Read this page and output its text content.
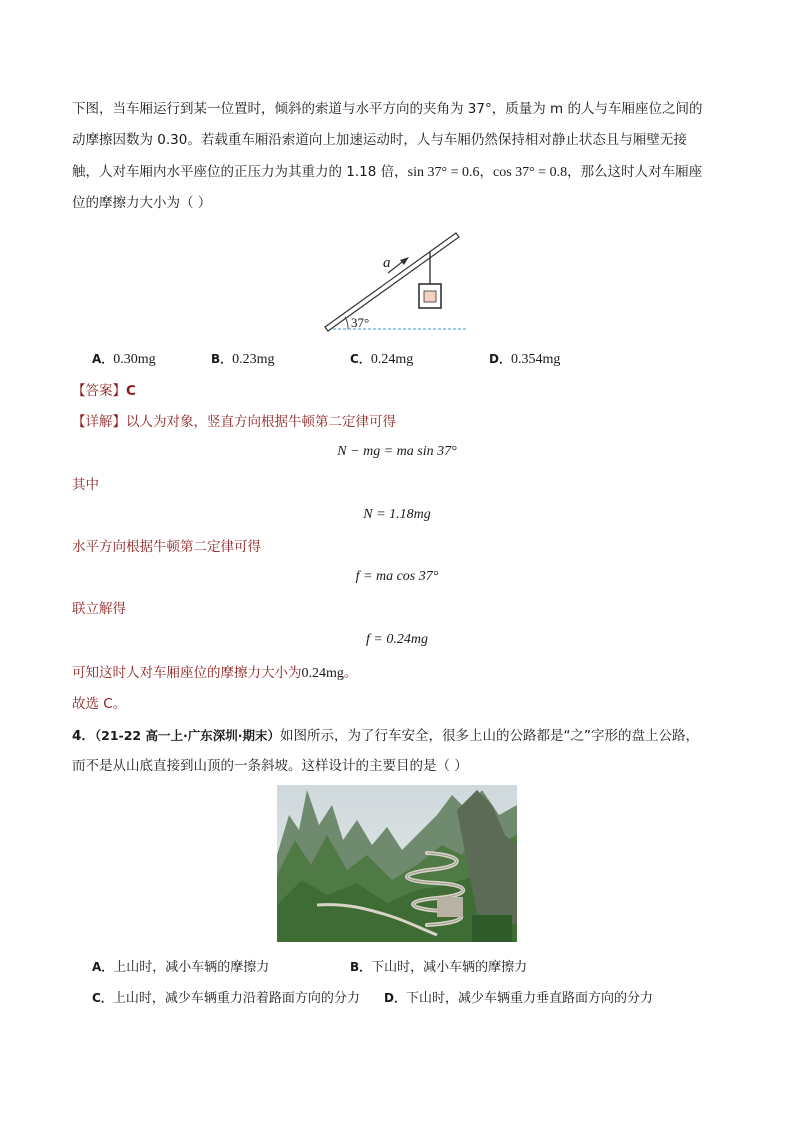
下图，当车厢运行到某一位置时，倾斜的索道与水平方向的夹角为 37°，质量为 m 的人与车厢座位之间的
动摩擦因数为 0.30。若载重车厢沿索道向上加速运动时，人与车厢仍然保持相对静止状态且与厢壁无接
触，人对车厢内水平座位的正压力为其重力的 1.18 倍，sin 37° = 0.6，cos 37° = 0.8，那么这时人对车厢座
位的摩擦力大小为（ ）
a
37°
A．0.30mg	B．0.23mg	C．0.24mg	D．0.354mg
【答案】C
【详解】以人为对象，竖直方向根据牛顿第二定律可得
N − mg = ma sin 37°
其中
N = 1.18mg
水平方向根据牛顿第二定律可得
f = ma cos 37°
联立解得
f = 0.24mg
可知这时人对车厢座位的摩擦力大小为0.24mg。
故选 C。
4．（21-22 高一上·广东深圳·期末）如图所示，为了行车安全，很多上山的公路都是“之”字形的盘上公路，
而不是从山底直接到山顶的一条斜坡。这样设计的主要目的是（ ）
A．上山时，减小车辆的摩擦力	B．下山时，减小车辆的摩擦力
C．上山时，减少车辆重力沿着路面方向的分力 D．下山时，减少车辆重力垂直路面方向的分力
